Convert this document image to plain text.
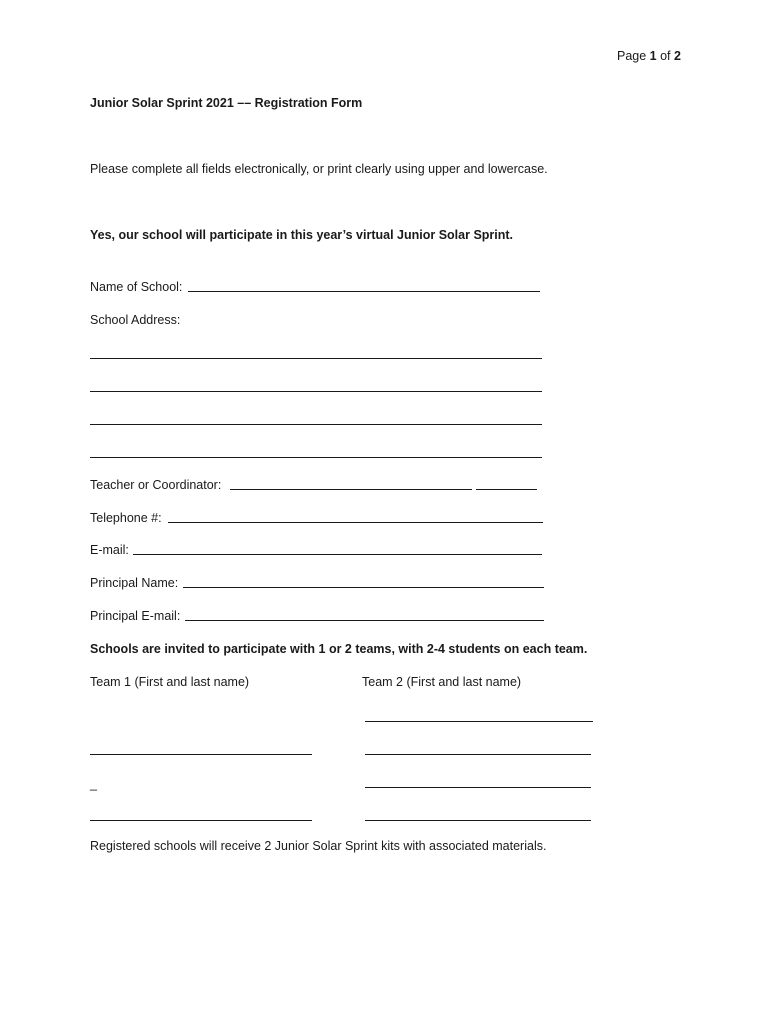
Page 1 of 2
Junior Solar Sprint 2021 –– Registration Form
Please complete all fields electronically, or print clearly using upper and lowercase.
Yes, our school will participate in this year’s virtual Junior Solar Sprint.
Name of School:
School Address:
Teacher or Coordinator:
Telephone #:
E-mail:
Principal Name:
Principal E-mail:
Schools are invited to participate with 1 or 2 teams, with 2-4 students on each team.
Team 1 (First and last name)	Team 2 (First and last name)
_
Registered schools will receive 2 Junior Solar Sprint kits with associated materials.
